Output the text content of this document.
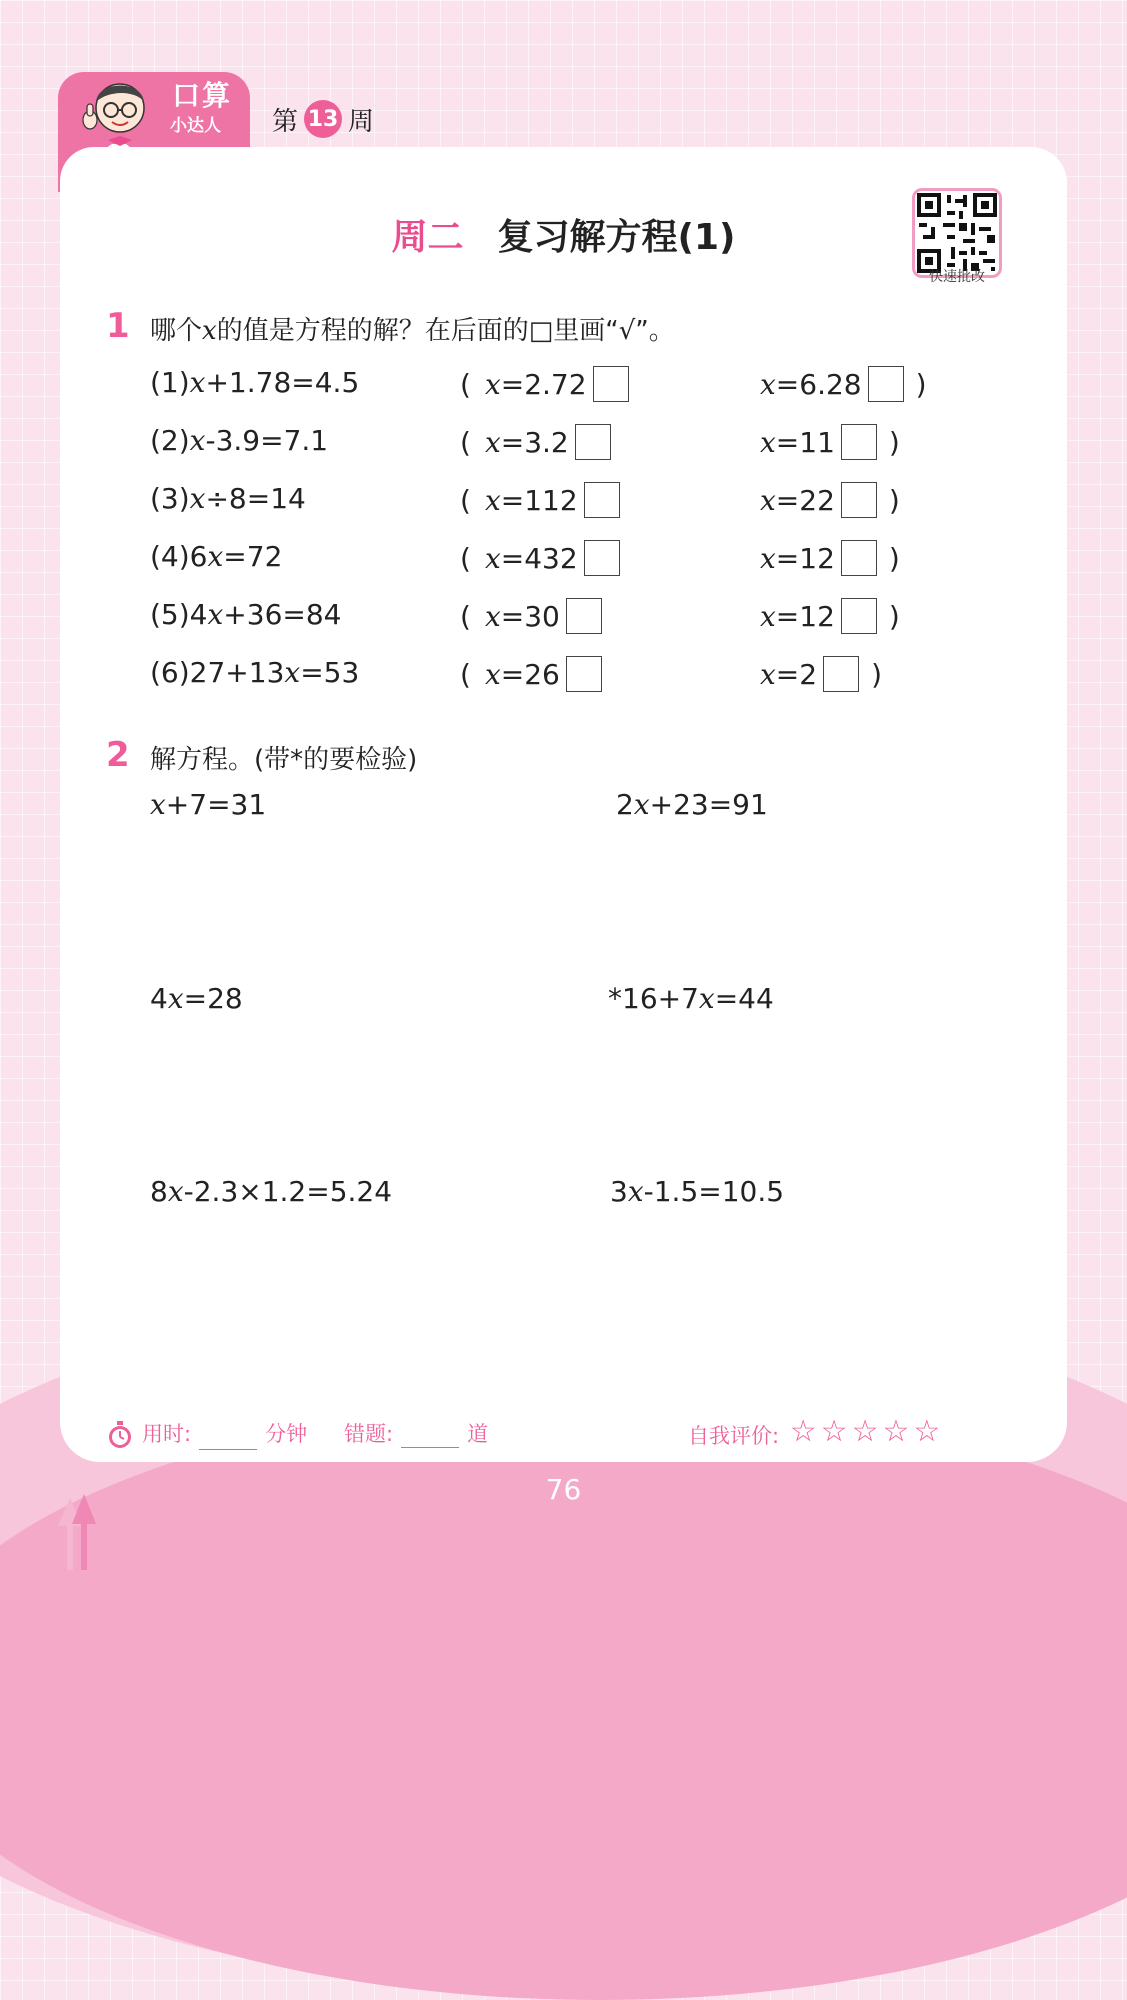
口算
小达人 第 13 周
周二 复习解方程(1)
快速批改
1 哪个x的值是方程的解？在后面的□里画“√”。
(1)x+1.78=4.5	( x = 2.72	x = 6.28 )
(2)x-3.9=7.1	( x = 3.2	x = 11 )
(3)x÷8=14	( x = 112	x = 22 )
(4)6x=72	( x = 432	x = 12 )
(5)4x+36=84	( x = 30	x = 12 )
(6)27+13x=53	( x = 26	x = 2 )
2 解方程。(带*的要检验)
x+7=31	2x+23=91
4x=28	*16+7x=44
8x-2.3×1.2=5.24	3x-1.5=10.5
用时:	分钟 错题:	道	自我评价: ☆ ☆ ☆ ☆ ☆
76
